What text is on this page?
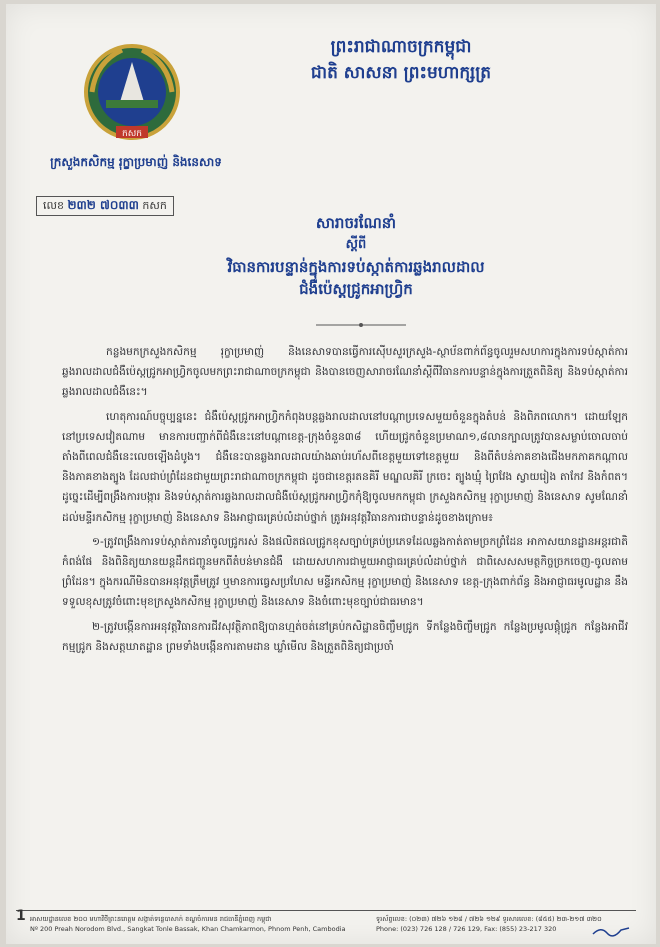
ព្រះរាជាណាចក្រកម្ពុជា
ជាតិ សាសនា ព្រះមហាក្សត្រ
កសក
ក្រសួងកសិកម្ម រុក្ខាប្រមាញ់ និងនេសាទ
លេខ ២៣២ ៧០៣៣ កសក
សារាចរណែនាំ
ស្តីពី
វិធានការបន្ទាន់ក្នុងការទប់ស្កាត់ការឆ្លងរាលដាល
ជំងឺប៉េស្តជ្រូកអាហ្វ្រិក

កន្លងមកក្រសួងកសិកម្ម រុក្ខាប្រមាញ់ និងនេសាទបានធ្វើការស៊ើបសួរក្រសួង-ស្ថាប័នពាក់ព័ន្ធចូលរួមសហការក្នុងការទប់ស្កាត់ការឆ្លងរាលដាលជំងឺប៉េស្តជ្រូកអាហ្វ្រិកចូលមកព្រះរាជាណាចក្រកម្ពុជា និងបានចេញសារាចរណែនាំស្តីពីវិធានការបន្ទាន់ក្នុងការត្រួតពិនិត្យ និងទប់ស្កាត់ការឆ្លងរាលដាលជំងឺនេះ។

ហេតុការណ៍បច្ចុប្បន្ននេះ ជំងឺប៉េស្តជ្រូកអាហ្វ្រិកកំពុងបន្តឆ្លងរាលដាលនៅបណ្តាប្រទេសមួយចំនួនក្នុងតំបន់ និងពិភពលោក។ ដោយឡែកនៅប្រទេសវៀតណាម មានការបញ្ជាក់ពីជំងឺនេះនៅបណ្តាខេត្ត-ក្រុងចំនួន៣៨ ហើយជ្រូកចំនួនប្រមាណ១,៨លានក្បាលត្រូវបានសម្លាប់ចោលចាប់តាំងពីពេលជំងឺនេះលេចឡើងដំបូង។ ជំងឺនេះបានឆ្លងរាលដាលយ៉ាងឆាប់រហ័សពីខេត្តមួយទៅខេត្តមួយ និងពីតំបន់ភាគខាងជើងមកភាគកណ្តាល និងភាគខាងត្បូង ដែលជាប់ព្រំដែនជាមួយព្រះរាជាណាចក្រកម្ពុជា ដូចជាខេត្តរតនគិរី មណ្ឌលគិរី ក្រចេះ ត្បូងឃ្មុំ ព្រៃវែង ស្វាយរៀង តាកែវ និងកំពត។ ដូច្នេះដើម្បីពង្រឹងការបង្ការ និងទប់ស្កាត់ការឆ្លងរាលដាលជំងឺប៉េស្តជ្រូកអាហ្វ្រិកកុំឱ្យចូលមកកម្ពុជា ក្រសួងកសិកម្ម រុក្ខាប្រមាញ់ និងនេសាទ សូមណែនាំដល់មន្ទីរកសិកម្ម រុក្ខាប្រមាញ់ និងនេសាទ និងអាជ្ញាធរគ្រប់លំដាប់ថ្នាក់ ត្រូវអនុវត្តវិធានការជាបន្ទាន់ដូចខាងក្រោម៖

១-ត្រូវពង្រឹងការទប់ស្កាត់ការនាំចូលជ្រូករស់ និងផលិតផលជ្រូកខុសច្បាប់គ្រប់ប្រភេទដែលឆ្លងកាត់តាមច្រកព្រំដែន អាកាសយានដ្ឋានអន្តរជាតិ កំពង់ផែ និងពិនិត្យយានយន្តដឹកជញ្ជូនមកពីតំបន់មានជំងឺ ដោយសហការជាមួយអាជ្ញាធរគ្រប់លំដាប់ថ្នាក់ ជាពិសេសសមត្ថកិច្ចច្រកចេញ-ចូលតាមព្រំដែន។ ក្នុងករណីមិនបានអនុវត្តត្រឹមត្រូវ ឬមានការធ្វេសប្រហែស មន្ទីរកសិកម្ម រុក្ខាប្រមាញ់ និងនេសាទ ខេត្ត-ក្រុងពាក់ព័ន្ធ និងអាជ្ញាធរមូលដ្ឋាន នឹងទទួលខុសត្រូវចំពោះមុខក្រសួងកសិកម្ម រុក្ខាប្រមាញ់ និងនេសាទ និងចំពោះមុខច្បាប់ជាធរមាន។

២-ត្រូវបង្កើនការអនុវត្តវិធានការជីវសុវត្ថិភាពឱ្យបានហ្មត់ចត់នៅគ្រប់កសិដ្ឋានចិញ្ចឹមជ្រូក ទីកន្លែងចិញ្ចឹមជ្រូក កន្លែងប្រមូលផ្តុំជ្រូក កន្លែងអាជីវកម្មជ្រូក និងសត្តឃាតដ្ឋាន ព្រមទាំងបង្កើនការតាមដាន ឃ្លាំមើល និងត្រួតពិនិត្យជាប្រចាំ

1 អាសយដ្ឋានលេខ ២០០ មហាវិថីព្រះនរោត្តម សង្កាត់ទន្លេបាសាក់ ខណ្ឌចំការមន រាជធានីភ្នំពេញ កម្ពុជា
Nº 200 Preah Norodom Blvd., Sangkat Tonle Bassak, Khan Chamkarmon, Phnom Penh, Cambodia
ទូរស័ព្ទលេខ: (០២៣) ៧២៦ ១២៨ / ៧២៦ ១២៩ ទូរសារលេខ: (៨៥៥) ២៣-២១៧ ៣២០
Phone: (023) 726 128 / 726 129, Fax: (855) 23-217 320
